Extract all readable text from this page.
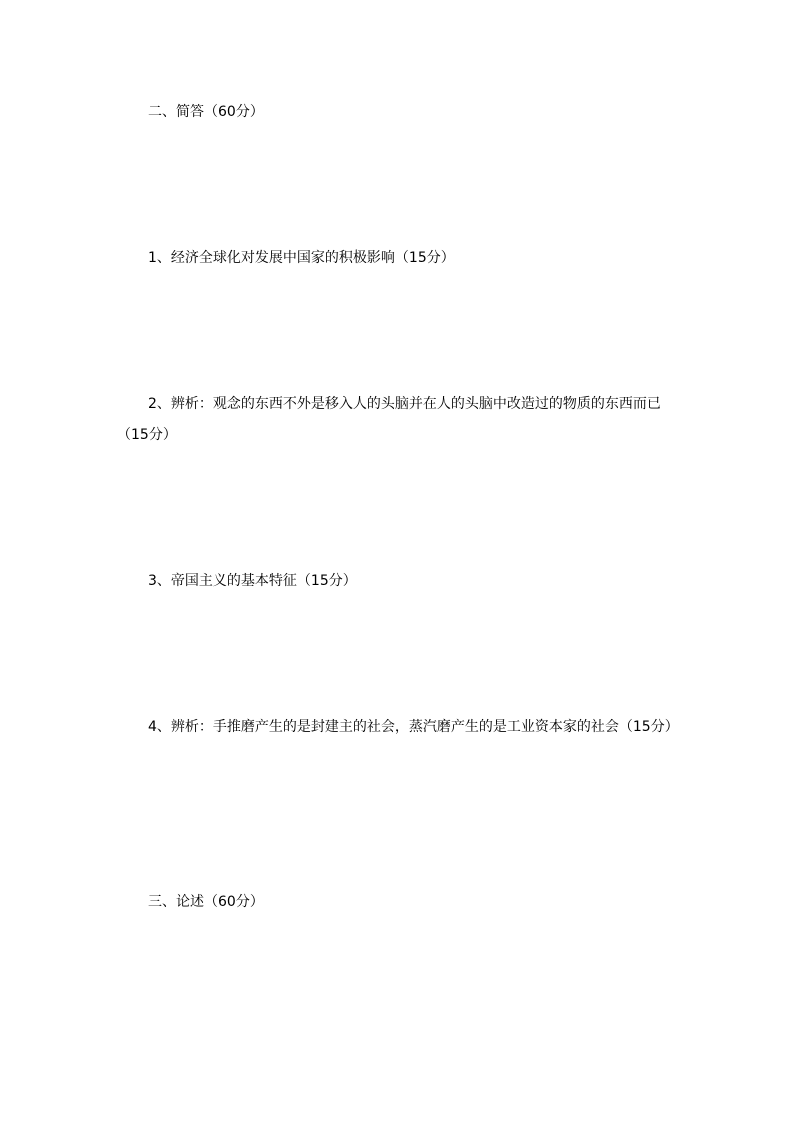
二、简答（60分）
1、经济全球化对发展中国家的积极影响（15分）
2、辨析：观念的东西不外是移入人的头脑并在人的头脑中改造过的物质的东西而已
（15分）
3、帝国主义的基本特征（15分）
4、辨析：手推磨产生的是封建主的社会，蒸汽磨产生的是工业资本家的社会（15分）
三、论述（60分）
